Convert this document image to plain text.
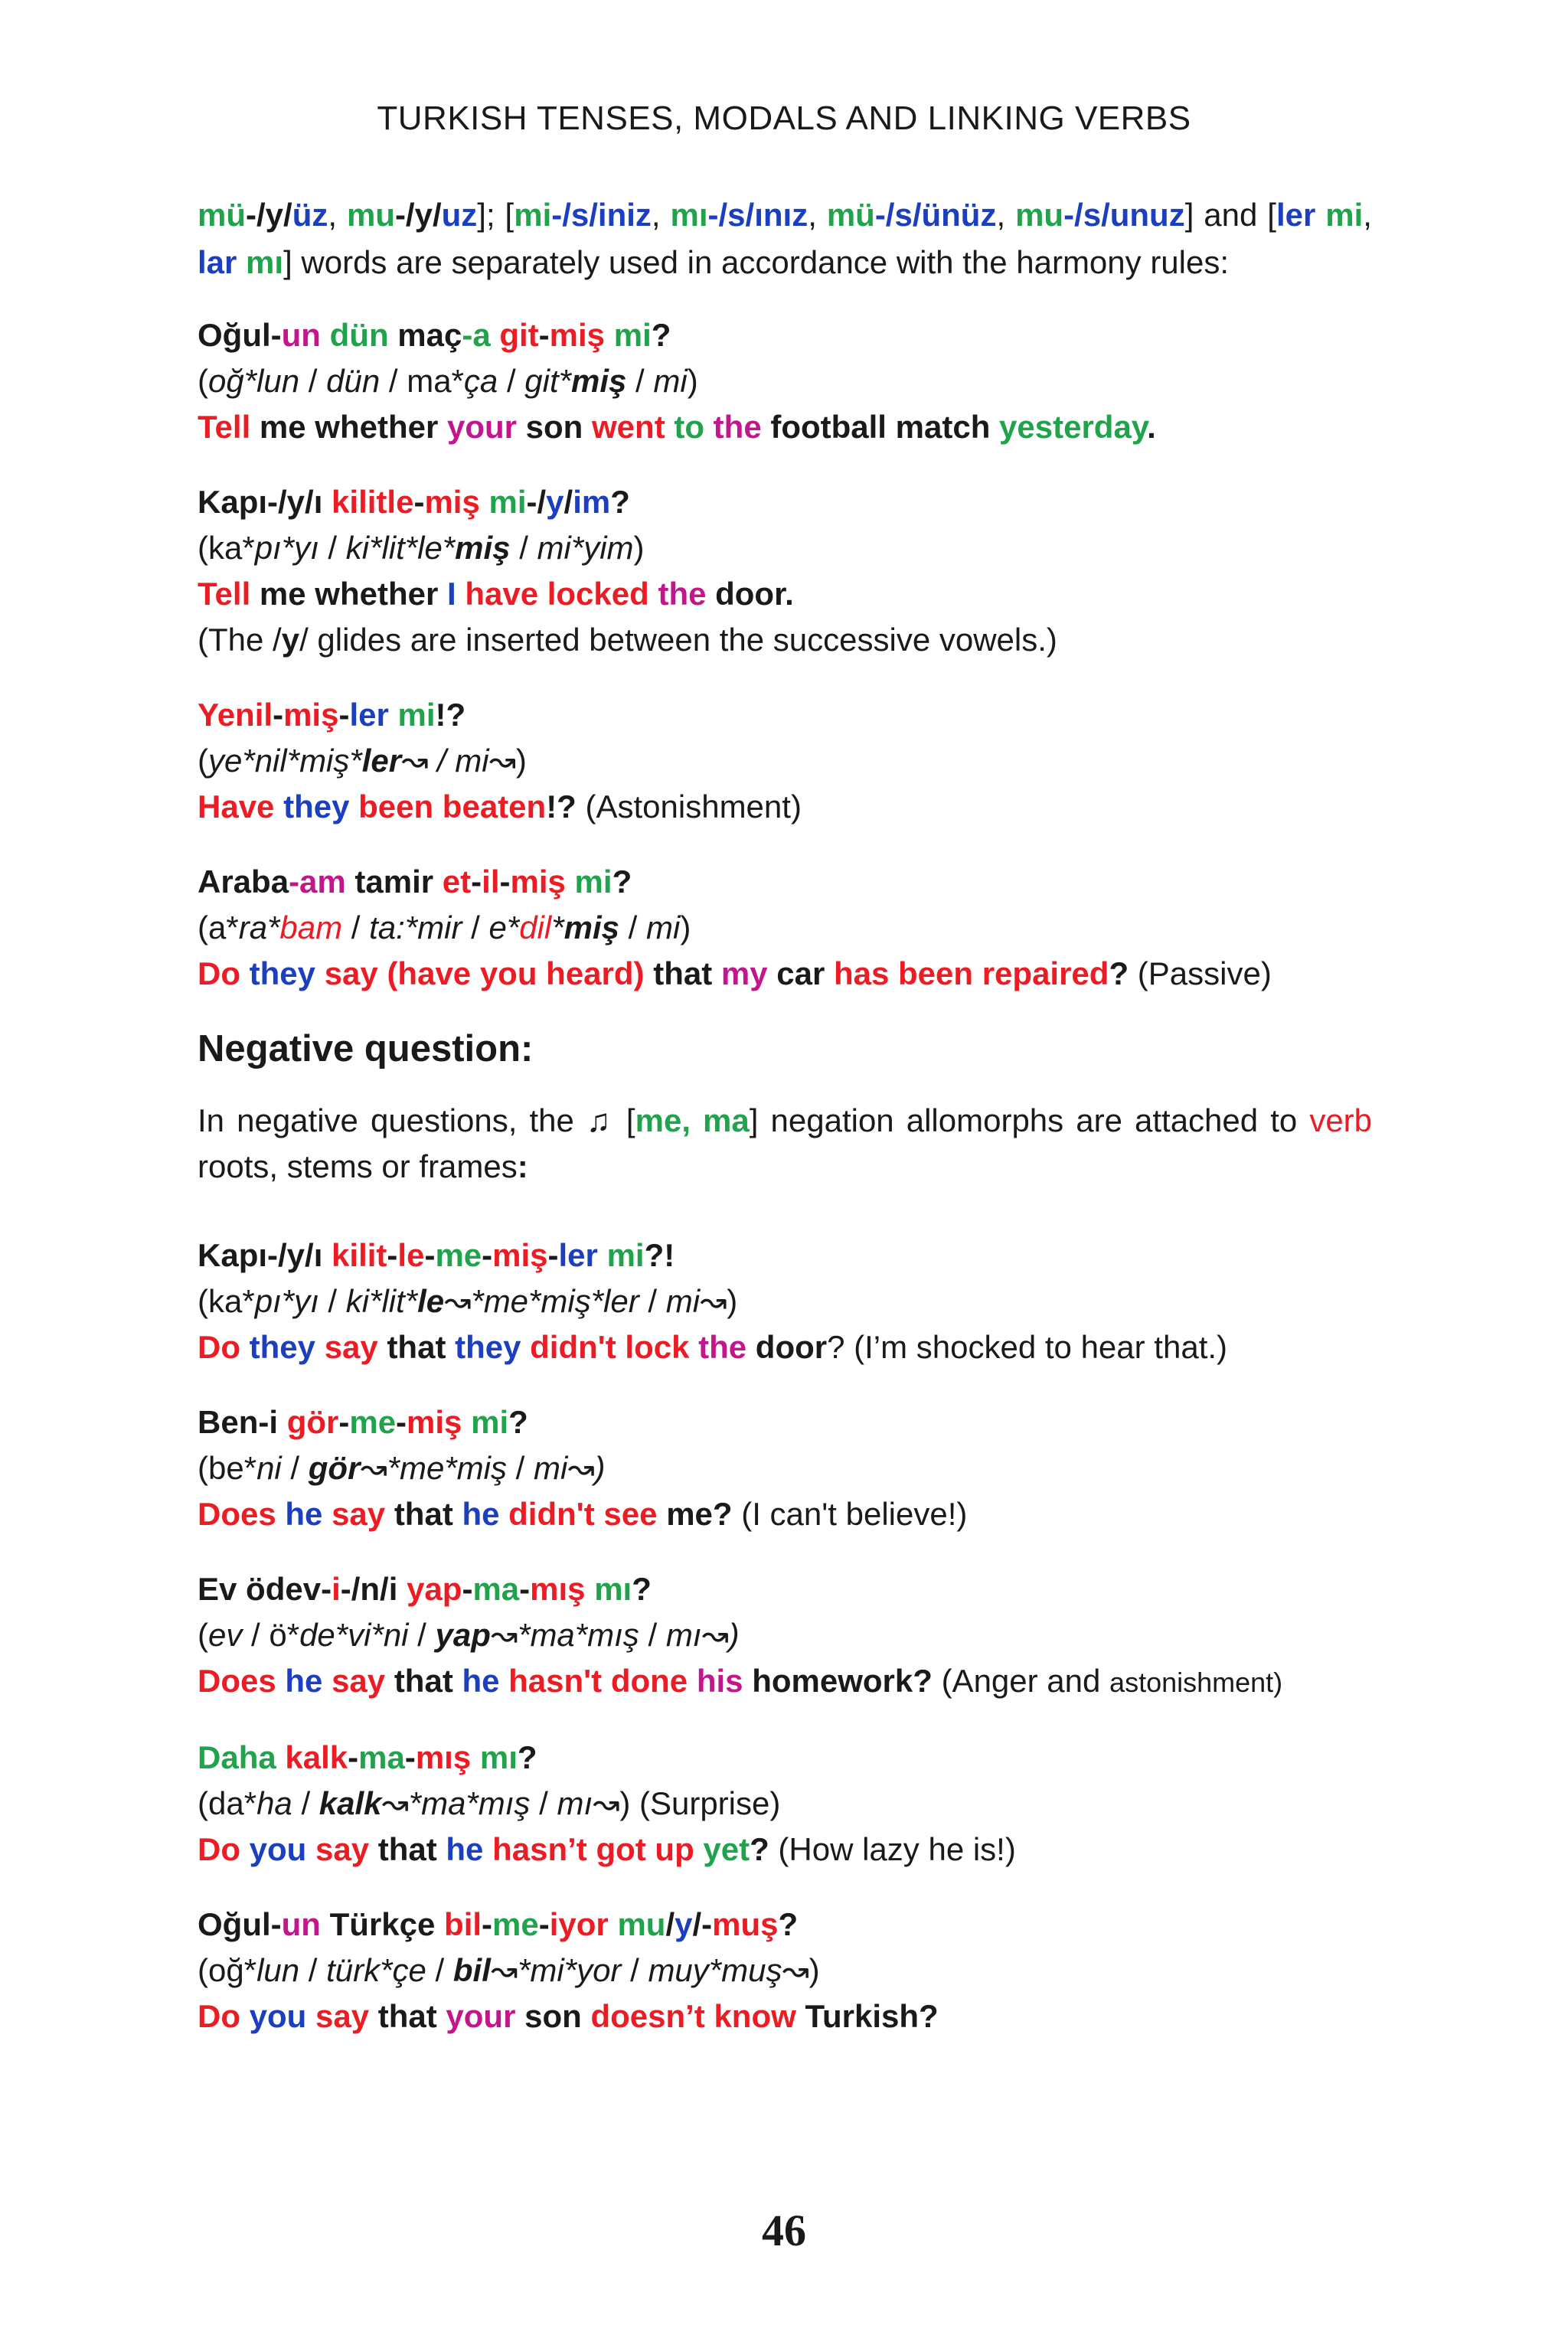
TURKISH TENSES, MODALS AND LINKING VERBS
mü-/y/üz, mu-/y/uz]; [mi-/s/iniz, mı-/s/ınız, mü-/s/ünüz, mu-/s/unuz] and [ler mi, lar mı] words are separately used in accordance with the harmony rules:
Oğul-un dün maç-a git-miş mi?
(oğ*lun / dün / ma*ça / git*miş / mi)
Tell me whether your son went to the football match yesterday.
Kapı-/y/ı kilitle-miş mi-/y/im?
(ka*pı*yı / ki*lit*le*miş / mi*yim)
Tell me whether I have locked the door.
(The /y/ glides are inserted between the successive vowels.)
Yenil-miş-ler mi!?
(ye*nil*miş*ler↝ / mi↝)
Have they been beaten!? (Astonishment)
Araba-am tamir et-il-miş mi?
(a*ra*bam / ta:*mir / e*dil*miş / mi)
Do they say (have you heard) that my car has been repaired? (Passive)
Negative question:
In negative questions, the ♫ [me, ma] negation allomorphs are attached to verb roots, stems or frames:
Kapı-/y/ı kilit-le-me-miş-ler mi?!
(ka*pı*yı / ki*lit*le↝*me*miş*ler / mi↝)
Do they say that they didn't lock the door? (I’m shocked to hear that.)
Ben-i gör-me-miş mi?
(be*ni / gör↝*me*miş / mi↝)
Does he say that he didn't see me? (I can't believe!)
Ev ödev-i-/n/i yap-ma-mış mı?
(ev / ö*de*vi*ni / yap↝*ma*mış / mı↝)
Does he say that he hasn't done his homework? (Anger and astonishment)
Daha kalk-ma-mış mı?
(da*ha / kalk↝*ma*mış / mı↝) (Surprise)
Do you say that he hasn’t got up yet? (How lazy he is!)
Oğul-un Türkçe bil-me-iyor mu/y/-muş?
(oğ*lun / türk*çe / bil↝*mi*yor / muy*muş↝)
Do you say that your son doesn’t know Turkish?
46
